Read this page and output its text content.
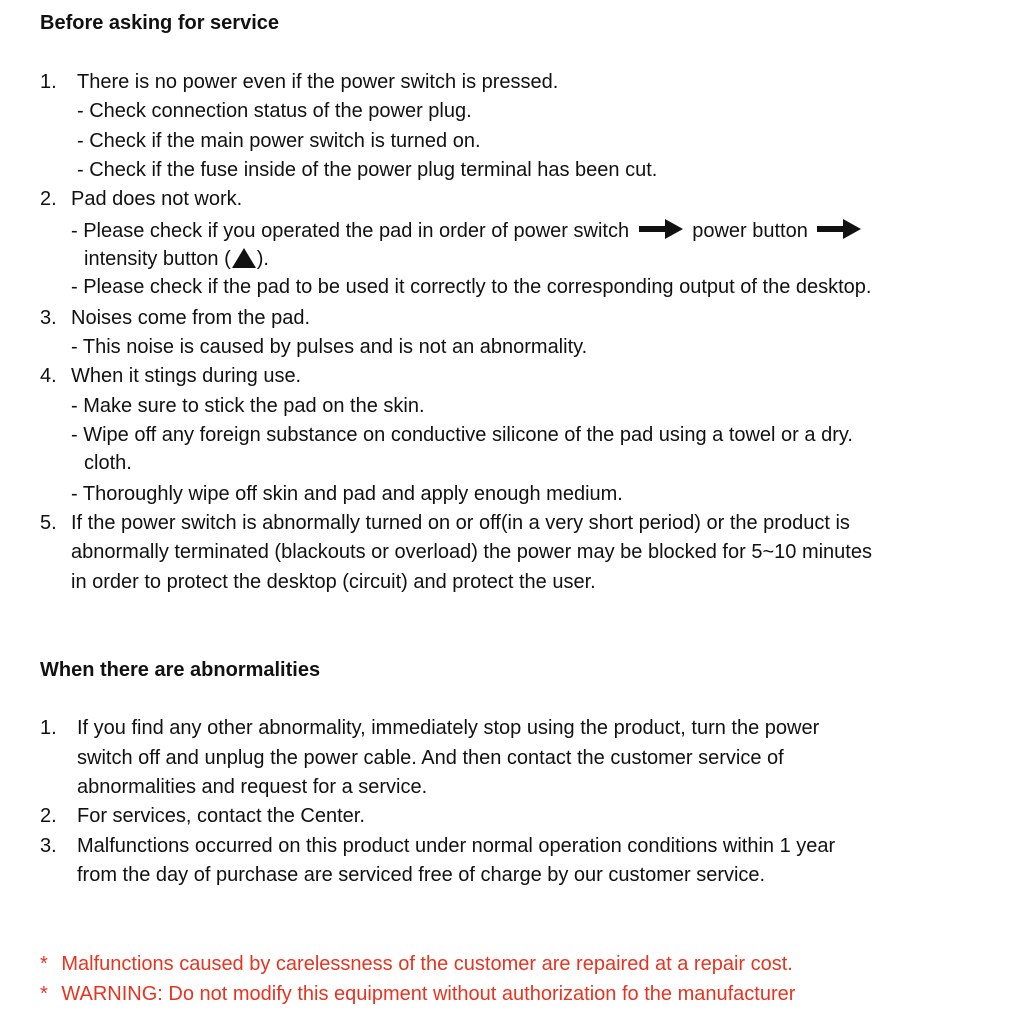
Before asking for service
1. There is no power even if the power switch is pressed.
- Check connection status of the power plug.
- Check if the main power switch is turned on.
- Check if the fuse inside of the power plug terminal has been cut.
2. Pad does not work.
- Please check if you operated the pad in order of power switch	power button
intensity button ( ).
- Please check if the pad to be used it correctly to the corresponding output of the desktop.
3. Noises come from the pad.
- This noise is caused by pulses and is not an abnormality.
4. When it stings during use.
- Make sure to stick the pad on the skin.
- Wipe off any foreign substance on conductive silicone of the pad using a towel or a dry.
cloth.
- Thoroughly wipe off skin and pad and apply enough medium.
5. If the power switch is abnormally turned on or off(in a very short period) or the product is
abnormally terminated (blackouts or overload) the power may be blocked for 5~10 minutes
in order to protect the desktop (circuit) and protect the user.
When there are abnormalities
1. If you find any other abnormality, immediately stop using the product, turn the power
switch off and unplug the power cable. And then contact the customer service of
abnormalities and request for a service.
2. For services, contact the Center.
3. Malfunctions occurred on this product under normal operation conditions within 1 year
from the day of purchase are serviced free of charge by our customer service.
* Malfunctions caused by carelessness of the customer are repaired at a repair cost.
* WARNING: Do not modify this equipment without authorization fo the manufacturer
